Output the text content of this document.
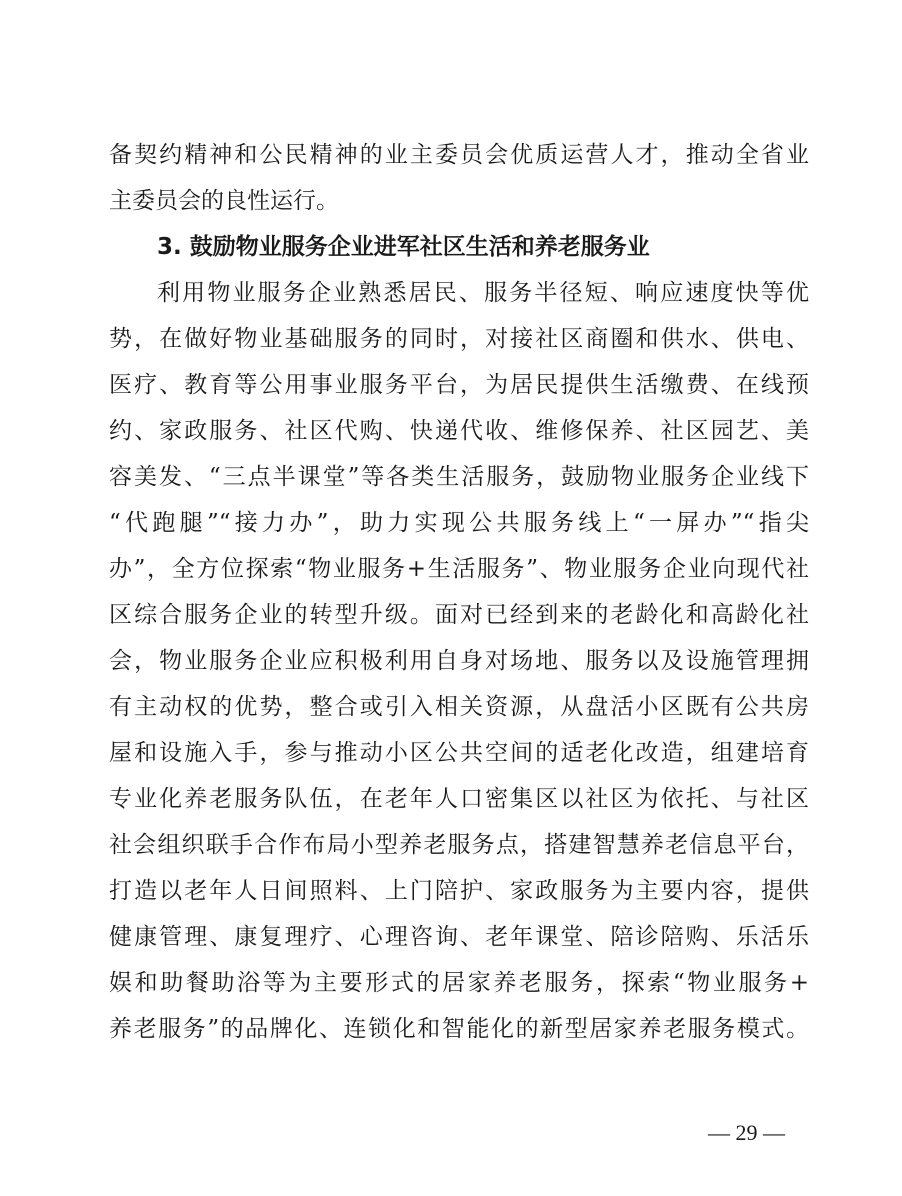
备契约精神和公民精神的业主委员会优质运营人才，推动全省业
主委员会的良性运行。
3. 鼓励物业服务企业进军社区生活和养老服务业
利用物业服务企业熟悉居民、服务半径短、响应速度快等优
势，在做好物业基础服务的同时，对接社区商圈和供水、供电、
医疗、教育等公用事业服务平台，为居民提供生活缴费、在线预
约、家政服务、社区代购、快递代收、维修保养、社区园艺、美
容美发、“三点半课堂”等各类生活服务，鼓励物业服务企业线下
“代跑腿”“接力办”，助力实现公共服务线上“一屏办”“指尖
办”，全方位探索“物业服务+生活服务”、物业服务企业向现代社
区综合服务企业的转型升级。面对已经到来的老龄化和高龄化社
会，物业服务企业应积极利用自身对场地、服务以及设施管理拥
有主动权的优势，整合或引入相关资源，从盘活小区既有公共房
屋和设施入手，参与推动小区公共空间的适老化改造，组建培育
专业化养老服务队伍，在老年人口密集区以社区为依托、与社区
社会组织联手合作布局小型养老服务点，搭建智慧养老信息平台，
打造以老年人日间照料、上门陪护、家政服务为主要内容，提供
健康管理、康复理疗、心理咨询、老年课堂、陪诊陪购、乐活乐
娱和助餐助浴等为主要形式的居家养老服务，探索“物业服务+
养老服务”的品牌化、连锁化和智能化的新型居家养老服务模式。
— 29 —
